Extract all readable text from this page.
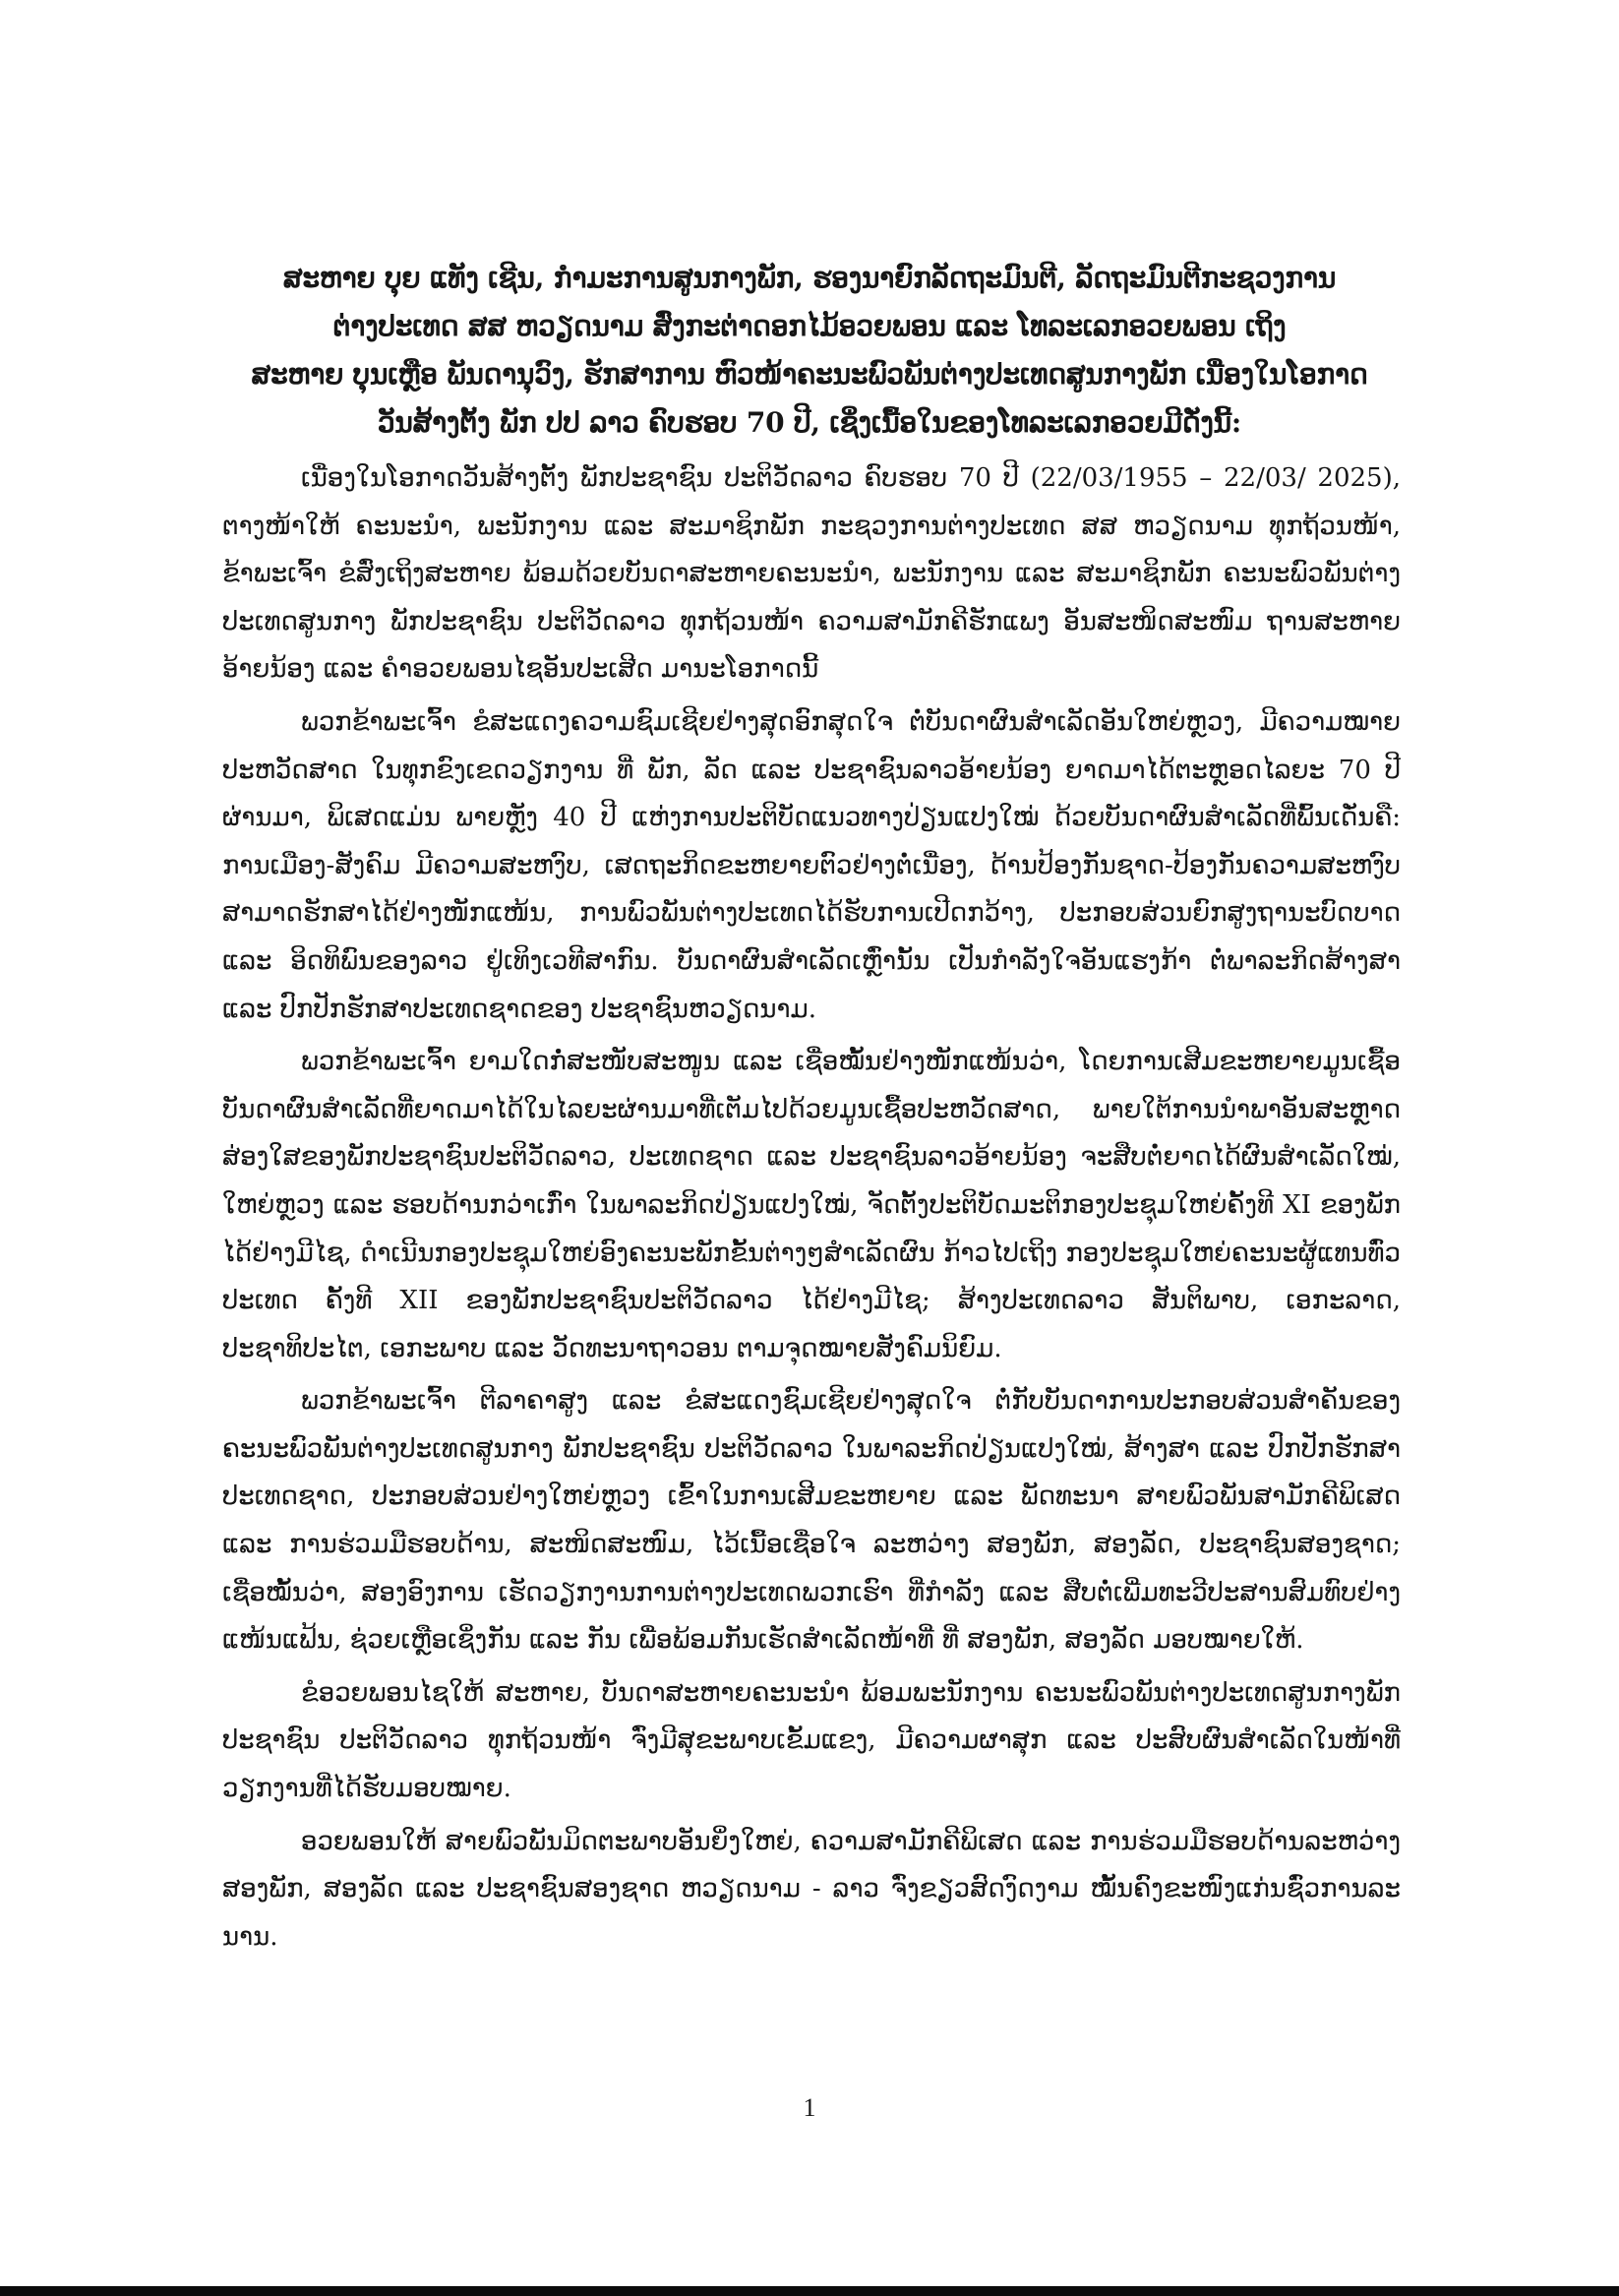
ສະຫາຍ ບຸຍ ແທັງ ເຊີນ, ກຳມະການສູນກາງພັກ, ຮອງນາຍົກລັດຖະມົນຕີ, ລັດຖະມົນຕີກະຊວງການ
ຕ່າງປະເທດ ສສ ຫວຽດນາມ ສົ່ງກະຕ່າດອກໄມ້ອວຍພອນ ແລະ ໂທລະເລກອວຍພອນ ເຖິງ
ສະຫາຍ ບຸນເຫຼືອ ພັນດານຸວົງ, ຮັກສາການ ຫົວໜ້າຄະນະພົວພັນຕ່າງປະເທດສູນກາງພັກ ເນື່ອງໃນໂອກາດ
ວັນສ້າງຕັ້ງ ພັກ ປປ ລາວ ຄົບຮອບ 70 ປີ, ເຊິ່ງເນື້ອໃນຂອງໂທລະເລກອວຍມີດັ່ງນີ້:

ເນື່ອງໃນໂອກາດວັນສ້າງຕັ້ງ ພັກປະຊາຊົນ ປະຕິວັດລາວ ຄົບຮອບ 70 ປີ (22/03/1955 – 22/03/ 2025), ຕາງໜ້າໃຫ້ ຄະນະນໍາ, ພະນັກງານ ແລະ ສະມາຊິກພັກ ກະຊວງການຕ່າງປະເທດ ສສ ຫວຽດນາມ ທຸກຖ້ວນໜ້າ, ຂ້າພະເຈົ້າ ຂໍສົ່ງເຖິງສະຫາຍ ພ້ອມດ້ວຍບັນດາສະຫາຍຄະນະນໍາ, ພະນັກງານ ແລະ ສະມາຊິກພັກ ຄະນະພົວພັນຕ່າງປະເທດສູນກາງ ພັກປະຊາຊົນ ປະຕິວັດລາວ ທຸກຖ້ວນໜ້າ ຄວາມສາມັກຄີຮັກແພງ ອັນສະໜິດສະໜົມ ຖານສະຫາຍອ້າຍນ້ອງ ແລະ ຄຳອວຍພອນໄຊອັນປະເສີດ ມານະໂອກາດນີ້

ພວກຂ້າພະເຈົ້າ ຂໍສະແດງຄວາມຊົມເຊີຍຢ່າງສຸດອົກສຸດໃຈ ຕໍ່ບັນດາຜົນສໍາເລັດອັນໃຫຍ່ຫຼວງ, ມີຄວາມໝາຍປະຫວັດສາດ ໃນທຸກຂົງເຂດວຽກງານ ທີ່ ພັກ, ລັດ ແລະ ປະຊາຊົນລາວອ້າຍນ້ອງ ຍາດມາໄດ້ຕະຫຼອດໄລຍະ 70 ປີ ຜ່ານມາ, ພິເສດແມ່ນ ພາຍຫຼັງ 40 ປີ ແຫ່ງການປະຕິບັດແນວທາງປ່ຽນແປງໃໝ່ ດ້ວຍບັນດາຜົນສໍາເລັດທີ່ພົ້ນເດັ່ນຄື: ການເມືອງ-ສັງຄົມ ມີຄວາມສະຫງົບ, ເສດຖະກິດຂະຫຍາຍຕົວຢ່າງຕໍ່ເນື່ອງ, ດ້ານປ້ອງກັນຊາດ-ປ້ອງກັນຄວາມສະຫງົບສາມາດຮັກສາໄດ້ຢ່າງໜັກແໜ້ນ, ການພົວພັນຕ່າງປະເທດໄດ້ຮັບການເປີດກວ້າງ, ປະກອບສ່ວນຍົກສູງຖານະບົດບາດ ແລະ ອິດທິພົນຂອງລາວ ຢູ່ເທິງເວທີສາກົນ. ບັນດາຜົນສໍາເລັດເຫຼົ່ານັ້ນ ເປັນກຳລັງໃຈອັນແຮງກ້າ ຕໍ່ພາລະກິດສ້າງສາ ແລະ ປົກປັກຮັກສາປະເທດຊາດຂອງ ປະຊາຊົນຫວຽດນາມ.

ພວກຂ້າພະເຈົ້າ ຍາມໃດກໍ່ສະໜັບສະໜູນ ແລະ ເຊື່ອໝັ້ນຢ່າງໜັກແໜ້ນວ່າ, ໂດຍການເສີມຂະຫຍາຍມູນເຊື້ອບັນດາຜົນສໍາເລັດທີ່ຍາດມາໄດ້ໃນໄລຍະຜ່ານມາທີ່ເຕັມໄປດ້ວຍມູນເຊື້ອປະຫວັດສາດ, ພາຍໃຕ້ການນໍາພາອັນສະຫຼາດສ່ອງໃສຂອງພັກປະຊາຊົນປະຕິວັດລາວ, ປະເທດຊາດ ແລະ ປະຊາຊົນລາວອ້າຍນ້ອງ ຈະສືບຕໍ່ຍາດໄດ້ຜົນສໍາເລັດໃໝ່, ໃຫຍ່ຫຼວງ ແລະ ຮອບດ້ານກວ່າເກົ່າ ໃນພາລະກິດປ່ຽນແປງໃໝ່, ຈັດຕັ້ງປະຕິບັດມະຕິກອງປະຊຸມໃຫຍ່ຄັ້ງທີ XI ຂອງພັກໄດ້ຢ່າງມີໄຊ, ດໍາເນີນກອງປະຊຸມໃຫຍ່ອົງຄະນະພັກຂັ້ນຕ່າງໆສໍາເລັດຜົນ ກ້າວໄປເຖິງ ກອງປະຊຸມໃຫຍ່ຄະນະຜູ້ແທນທົ່ວປະເທດ ຄັ້ງທີ XII ຂອງພັກປະຊາຊົນປະຕິວັດລາວ ໄດ້ຢ່າງມີໄຊ; ສ້າງປະເທດລາວ ສັນຕິພາບ, ເອກະລາດ, ປະຊາທິປະໄຕ, ເອກະພາບ ແລະ ວັດທະນາຖາວອນ ຕາມຈຸດໝາຍສັງຄົມນິຍົມ.

ພວກຂ້າພະເຈົ້າ ຕີລາຄາສູງ ແລະ ຂໍສະແດງຊົມເຊີຍຢ່າງສຸດໃຈ ຕໍ່ກັບບັນດາການປະກອບສ່ວນສໍາຄັນຂອງຄະນະພົວພັນຕ່າງປະເທດສູນກາງ ພັກປະຊາຊົນ ປະຕິວັດລາວ ໃນພາລະກິດປ່ຽນແປງໃໝ່, ສ້າງສາ ແລະ ປົກປັກຮັກສາປະເທດຊາດ, ປະກອບສ່ວນຢ່າງໃຫຍ່ຫຼວງ ເຂົ້າໃນການເສີມຂະຫຍາຍ ແລະ ພັດທະນາ ສາຍພົວພັນສາມັກຄີພິເສດ ແລະ ການຮ່ວມມືຮອບດ້ານ, ສະໜິດສະໜົມ, ໄວ້ເນື້ອເຊື່ອໃຈ ລະຫວ່າງ ສອງພັກ, ສອງລັດ, ປະຊາຊົນສອງຊາດ; ເຊື່ອໝັ້ນວ່າ, ສອງອົງການ ເຮັດວຽກງານການຕ່າງປະເທດພວກເຮົາ ທີ່ກຳລັງ ແລະ ສືບຕໍ່ເພີ່ມທະວີປະສານສົມທົບຢ່າງແໜ້ນແຟ້ນ, ຊ່ວຍເຫຼືອເຊິ່ງກັນ ແລະ ກັນ ເພື່ອພ້ອມກັນເຮັດສໍາເລັດໜ້າທີ່ ທີ່ ສອງພັກ, ສອງລັດ ມອບໝາຍໃຫ້.

ຂໍອວຍພອນໄຊໃຫ້ ສະຫາຍ, ບັນດາສະຫາຍຄະນະນໍາ ພ້ອມພະນັກງານ ຄະນະພົວພັນຕ່າງປະເທດສູນກາງພັກປະຊາຊົນ ປະຕິວັດລາວ ທຸກຖ້ວນໜ້າ ຈົ່ງມີສຸຂະພາບເຂັ້ມແຂງ, ມີຄວາມຜາສຸກ ແລະ ປະສົບຜົນສໍາເລັດໃນໜ້າທີ່ວຽກງານທີ່ໄດ້ຮັບມອບໝາຍ.

ອວຍພອນໃຫ້ ສາຍພົວພັນມິດຕະພາບອັນຍິ່ງໃຫຍ່, ຄວາມສາມັກຄີພິເສດ ແລະ ການຮ່ວມມືຮອບດ້ານລະຫວ່າງ ສອງພັກ, ສອງລັດ ແລະ ປະຊາຊົນສອງຊາດ ຫວຽດນາມ - ລາວ ຈົ່ງຂຽວສົດງົດງາມ ໝັ້ນຄົງຂະໜົງແກ່ນຊົ່ວການລະນານ.

1
